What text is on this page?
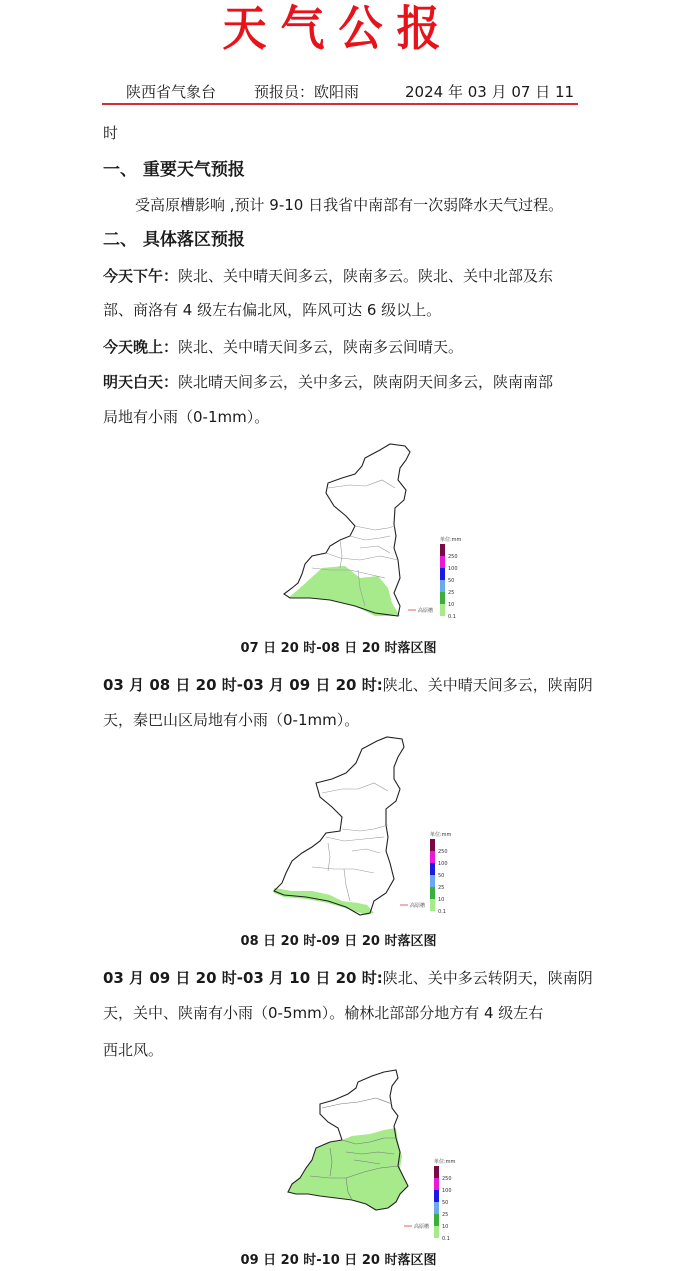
天气公报
陕西省气象台	预报员：欧阳雨	2024 年 03 月 07 日 11
时
一、 重要天气预报
受高原槽影响 ,预计 9-10 日我省中南部有一次弱降水天气过程。
二、 具体落区预报
今天下午：陕北、关中晴天间多云，陕南多云。陕北、关中北部及东
部、商洛有 4 级左右偏北风，阵风可达 6 级以上。
今天晚上：陕北、关中晴天间多云，陕南多云间晴天。
明天白天：陕北晴天间多云，关中多云，陕南阴天间多云，陕南南部
局地有小雨（0-1mm）。
单位:mm
250
100
50
25
10
0.1
高原槽
07 日 20 时-08 日 20 时落区图
03 月 08 日 20 时-03 月 09 日 20 时:陕北、关中晴天间多云，陕南阴
天，秦巴山区局地有小雨（0-1mm）。
单位:mm
250
100
50
25
10
0.1
高原槽
08 日 20 时-09 日 20 时落区图
03 月 09 日 20 时-03 月 10 日 20 时:陕北、关中多云转阴天，陕南阴
天，关中、陕南有小雨（0-5mm）。榆林北部部分地方有 4 级左右
西北风。
单位:mm
250
100
50
25
10
0.1
高原槽
09 日 20 时-10 日 20 时落区图
